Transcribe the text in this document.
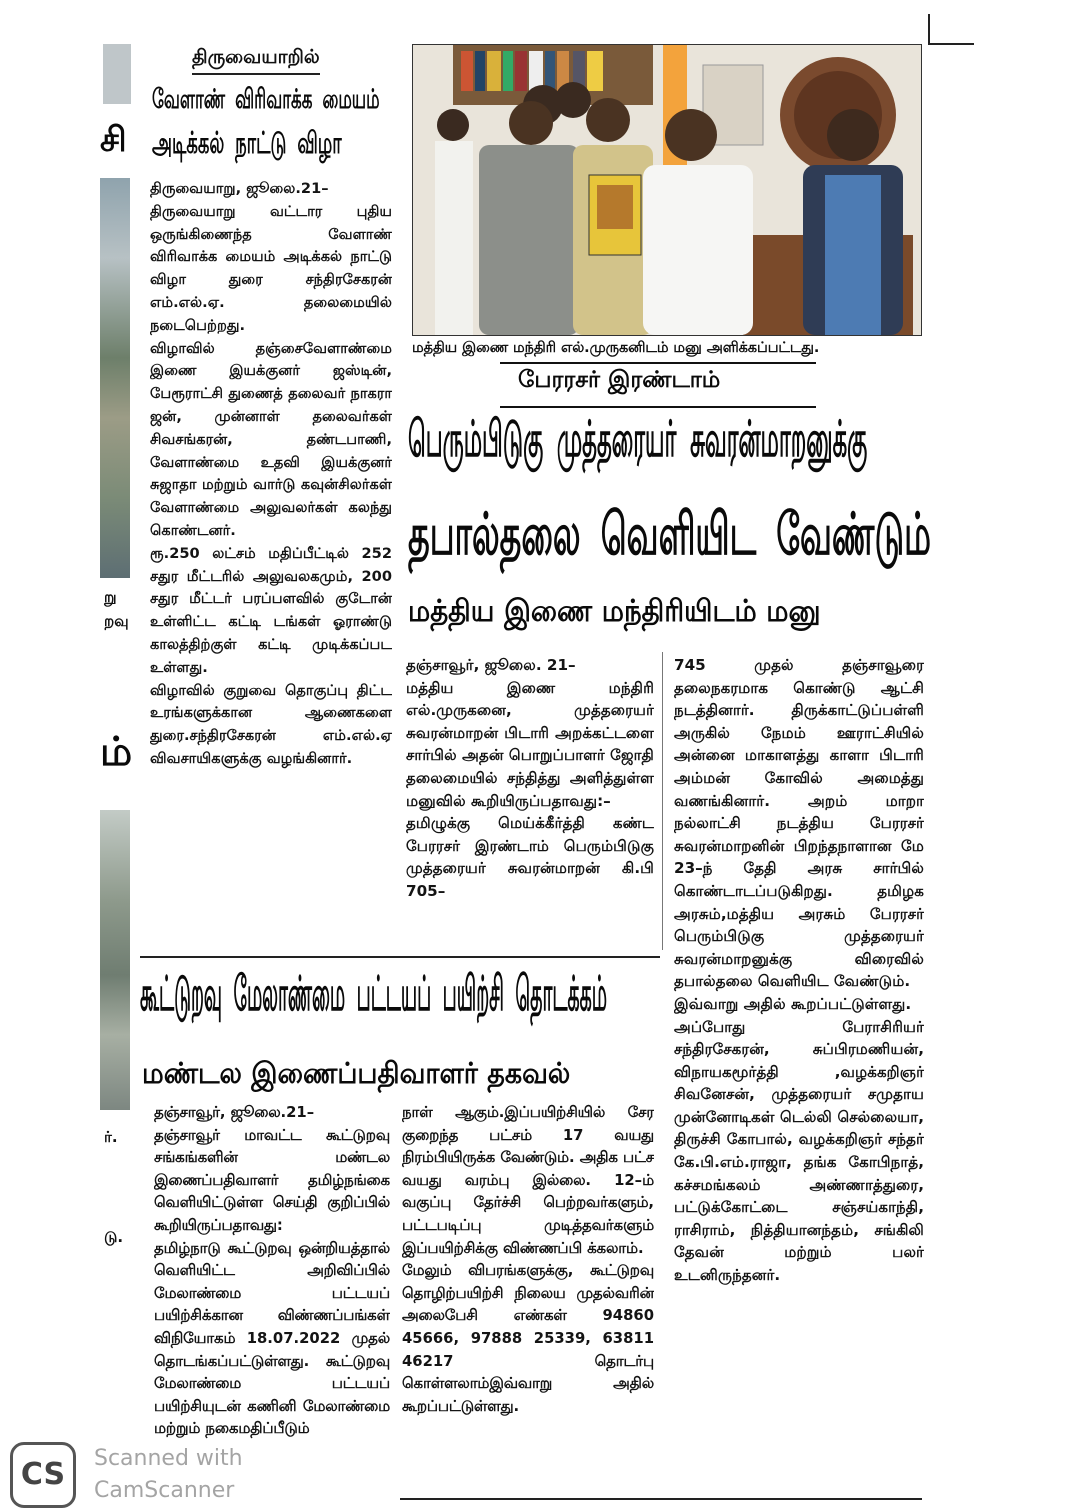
சி
று
றவு
ம்
ர்.
டு.
திருவையாறில்
வேளாண் விரிவாக்க மையம்
அடிக்கல் நாட்டு விழா
திருவையாறு, ஜூலை.21–
திருவையாறு வட்டார புதிய ஒருங்கிணைந்த வேளாண் விரிவாக்க மையம் அடிக்கல் நாட்டு விழா துரை சந்திரசேகரன் எம்.எல்.ஏ. தலைமையில் நடைபெற்றது.
விழாவில் தஞ்சைவேளாண்மை இணை இயக்குனர் ஜஸ்டின், பேரூராட்சி துணைத் தலைவர் நாகரா ஜன், முன்னாள் தலைவர்கள் சிவசங்கரன், தண்டபாணி, வேளாண்மை உதவி இயக்குனர் சுஜாதா மற்றும் வார்டு கவுன்சிலர்கள் வேளாண்மை அலுவலர்கள் கலந்து கொண்டனர்.
ரூ.250 லட்சம் மதிப்பீட்டில் 252 சதுர மீட்டரில் அலுவலகமும், 200 சதுர மீட்டர் பரப்பளவில் குடோன் உள்ளிட்ட கட்டி டங்கள் ஓராண்டு காலத்திற்குள் கட்டி முடிக்கப்பட உள்ளது.
விழாவில் குறுவை தொகுப்பு திட்ட உரங்களுக்கான ஆணைகளை துரை.சந்திரசேகரன் எம்.எல்.ஏ விவசாயிகளுக்கு வழங்கினார்.
மத்திய இணை மந்திரி எல்.முருகனிடம் மனு அளிக்கப்பட்டது.
பேரரசர் இரண்டாம்
பெரும்பிடுகு முத்தரையர் சுவரன்மாறனுக்கு
தபால்தலை வெளியிட வேண்டும்
மத்திய இணை மந்திரியிடம் மனு
தஞ்சாவூர், ஜூலை. 21–
மத்திய இணை மந்திரி எல்.முருகனை, முத்தரையர் சுவரன்மாறன் பிடாரி அறக்கட்டளை சார்பில் அதன் பொறுப்பாளர் ஜோதி தலைமையில் சந்தித்து அளித்துள்ள மனுவில் கூறியிருப்பதாவது:–
தமிழுக்கு மெய்க்கீர்த்தி கண்ட பேரரசர் இரண்டாம் பெரும்பிடுகு முத்தரையர் சுவரன்மாறன் கி.பி 705–
745 முதல் தஞ்சாவூரை தலைநகரமாக கொண்டு ஆட்சி நடத்தினார். திருக்காட்டுப்பள்ளி அருகில் நேமம் ஊராட்சியில் அன்னை மாகாளத்து காளா பிடாரி அம்மன் கோவில் அமைத்து வணங்கினார். அறம் மாறா நல்லாட்சி நடத்திய பேரரசர் சுவரன்மாறனின் பிறந்தநாளான மே 23–ந் தேதி அரசு சார்பில் கொண்டாடப்படுகிறது. தமிழக அரசும்,மத்திய அரசும் பேரரசர் பெரும்பிடுகு முத்தரையர் சுவரன்மாறனுக்கு விரைவில் தபால்தலை வெளியிட வேண்டும்.
இவ்வாறு அதில் கூறப்பட்டுள்ளது.
அப்போது பேராசிரியர் சந்திரசேகரன், சுப்பிரமணியன், விநாயகமூர்த்தி ,வழக்கறிஞர் சிவனேசன், முத்தரையர் சமுதாய முன்னோடிகள் டெல்லி செல்லையா, திருச்சி கோபால், வழக்கறிஞர் சந்தர் கே.பி.எம்.ராஜா, தங்க கோபிநாத், கச்சமங்கலம் அண்ணாத்துரை, பட்டுக்கோட்டை சஞ்சய்காந்தி, ராசிராம், நித்தியானந்தம், சங்கிலி தேவன் மற்றும் பலர் உடனிருந்தனர்.
கூட்டுறவு மேலாண்மை பட்டயப் பயிற்சி தொடக்கம்
மண்டல இணைப்பதிவாளர் தகவல்
தஞ்சாவூர், ஜூலை.21–
தஞ்சாவூர் மாவட்ட கூட்டுறவு சங்கங்களின் மண்டல இணைப்பதிவாளர் தமிழ்நங்கை வெளியிட்டுள்ள செய்தி குறிப்பில் கூறியிருப்பதாவது:
தமிழ்நாடு கூட்டுறவு ஒன்றியத்தால் வெளியிட்ட அறிவிப்பில் மேலாண்மை பட்டயப் பயிற்சிக்கான விண்ணப்பங்கள் விநியோகம் 18.07.2022 முதல் தொடங்கப்பட்டுள்ளது. கூட்டுறவு மேலாண்மை பட்டயப் பயிற்சியுடன் கணினி மேலாண்மை மற்றும் நகைமதிப்பீடும்
நாள் ஆகும்.இப்பயிற்சியில் சேர குறைந்த பட்சம் 17 வயது நிரம்பியிருக்க வேண்டும். அதிக பட்ச வயது வரம்பு இல்லை. 12–ம் வகுப்பு தேர்ச்சி பெற்றவர்களும், பட்டபடிப்பு முடித்தவர்களும் இப்பயிற்சிக்கு விண்ணப்பி க்கலாம்.
மேலும் விபரங்களுக்கு, கூட்டுறவு தொழிற்பயிற்சி நிலைய முதல்வரின் அலைபேசி எண்கள் 94860 45666, 97888 25339, 63811 46217 தொடர்பு கொள்ளலாம்இவ்வாறு அதில் கூறப்பட்டுள்ளது.
CS	Scanned with
CamScanner
